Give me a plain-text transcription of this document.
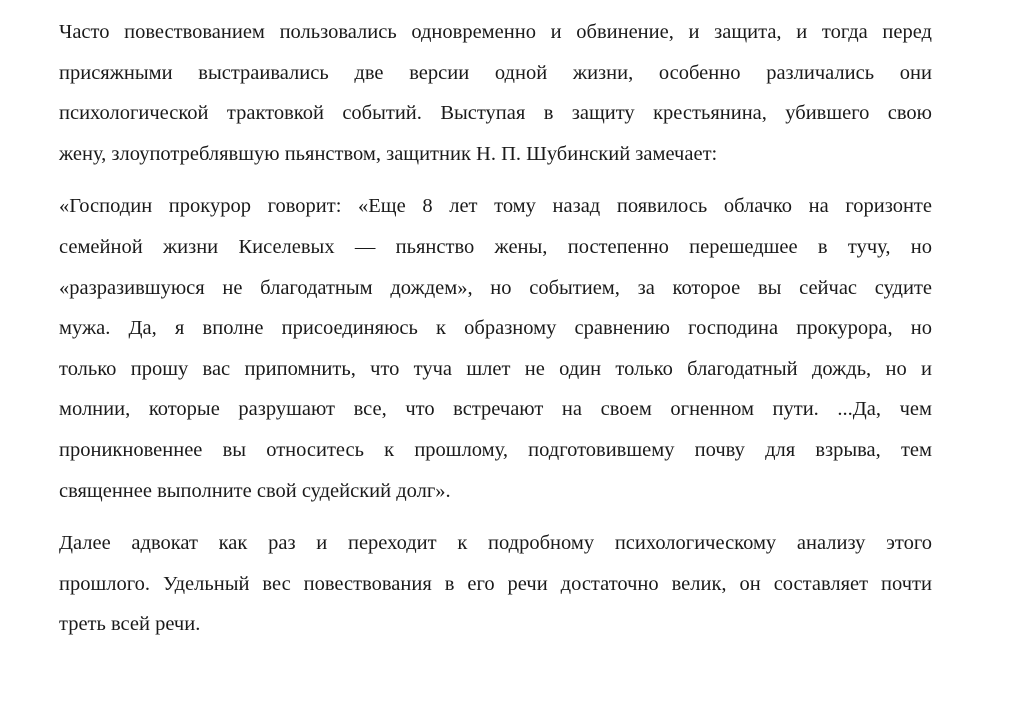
Часто повествованием пользовались одновременно и обвинение, и защита, и тогда перед
присяжными выстраивались две версии одной жизни, особенно различались они
психологической трактовкой событий. Выступая в защиту крестьянина, убившего свою
жену, злоупотреблявшую пьянством, защитник Н. П. Шубинский замечает:

«Господин прокурор говорит: «Еще 8 лет тому назад появилось облачко на горизонте
семейной жизни Киселевых — пьянство жены, постепенно перешедшее в тучу, но
«разразившуюся не благодатным дождем», но событием, за которое вы сейчас судите
мужа. Да, я вполне присоединяюсь к образному сравнению господина прокурора, но
только прошу вас припомнить, что туча шлет не один только благодатный дождь, но и
молнии, которые разрушают все, что встречают на своем огненном пути. ...Да, чем
проникновеннее вы относитесь к прошлому, подготовившему почву для взрыва, тем
священнее выполните свой судейский долг».

Далее адвокат как раз и переходит к подробному психологическому анализу этого
прошлого. Удельный вес повествования в его речи достаточно велик, он составляет почти
треть всей речи.
